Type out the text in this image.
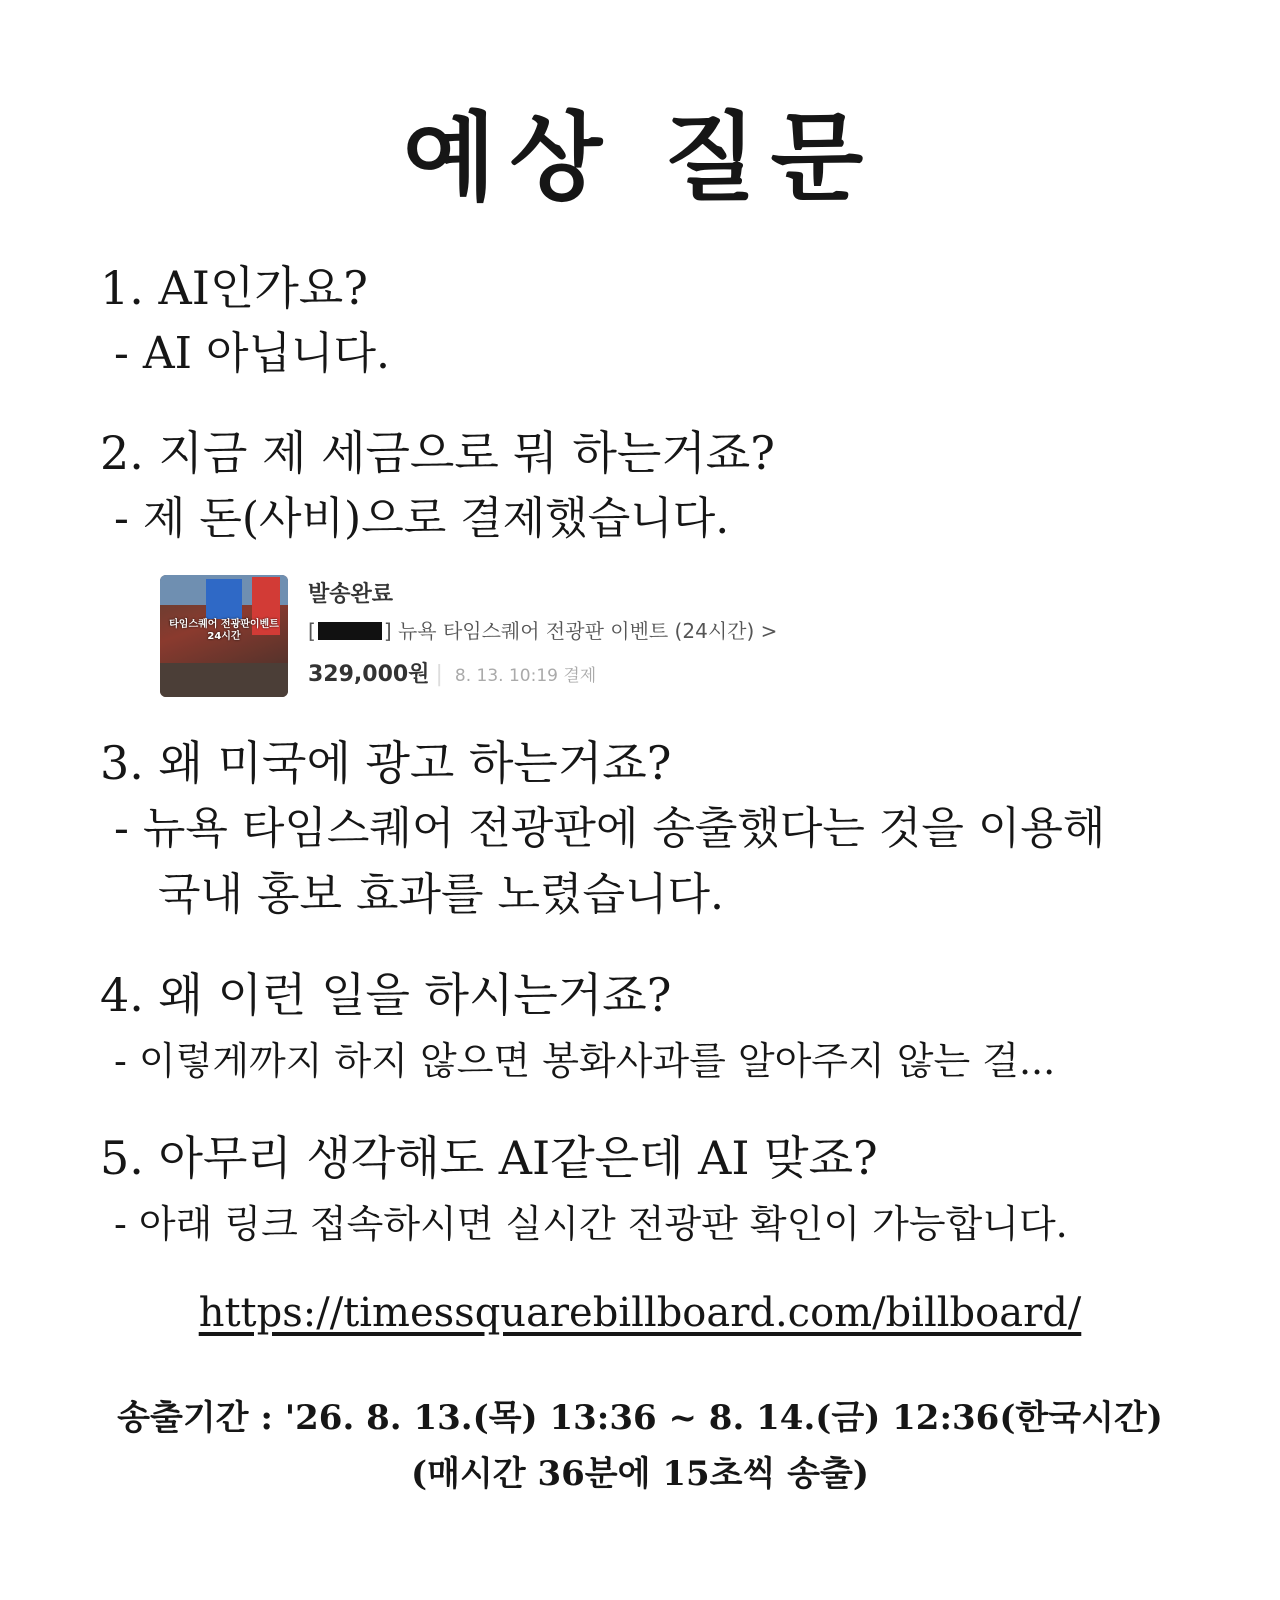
예상 질문
1. AI인가요?
- AI 아닙니다.
2. 지금 제 세금으로 뭐 하는거죠?
- 제 돈(사비)으로 결제했습니다.
타임스퀘어 전광판이벤트 24시간
발송완료
[	] 뉴욕 타임스퀘어 전광판 이벤트 (24시간) >
329,000원 | 8. 13. 10:19 결제
3. 왜 미국에 광고 하는거죠?
- 뉴욕 타임스퀘어 전광판에 송출했다는 것을 이용해
국내 홍보 효과를 노렸습니다.
4. 왜 이런 일을 하시는거죠?
- 이렇게까지 하지 않으면 봉화사과를 알아주지 않는 걸...
5. 아무리 생각해도 AI같은데 AI 맞죠?
- 아래 링크 접속하시면 실시간 전광판 확인이 가능합니다.
https://timessquarebillboard.com/billboard/
송출기간 : '26. 8. 13.(목) 13:36 ~ 8. 14.(금) 12:36(한국시간)
(매시간 36분에 15초씩 송출)
